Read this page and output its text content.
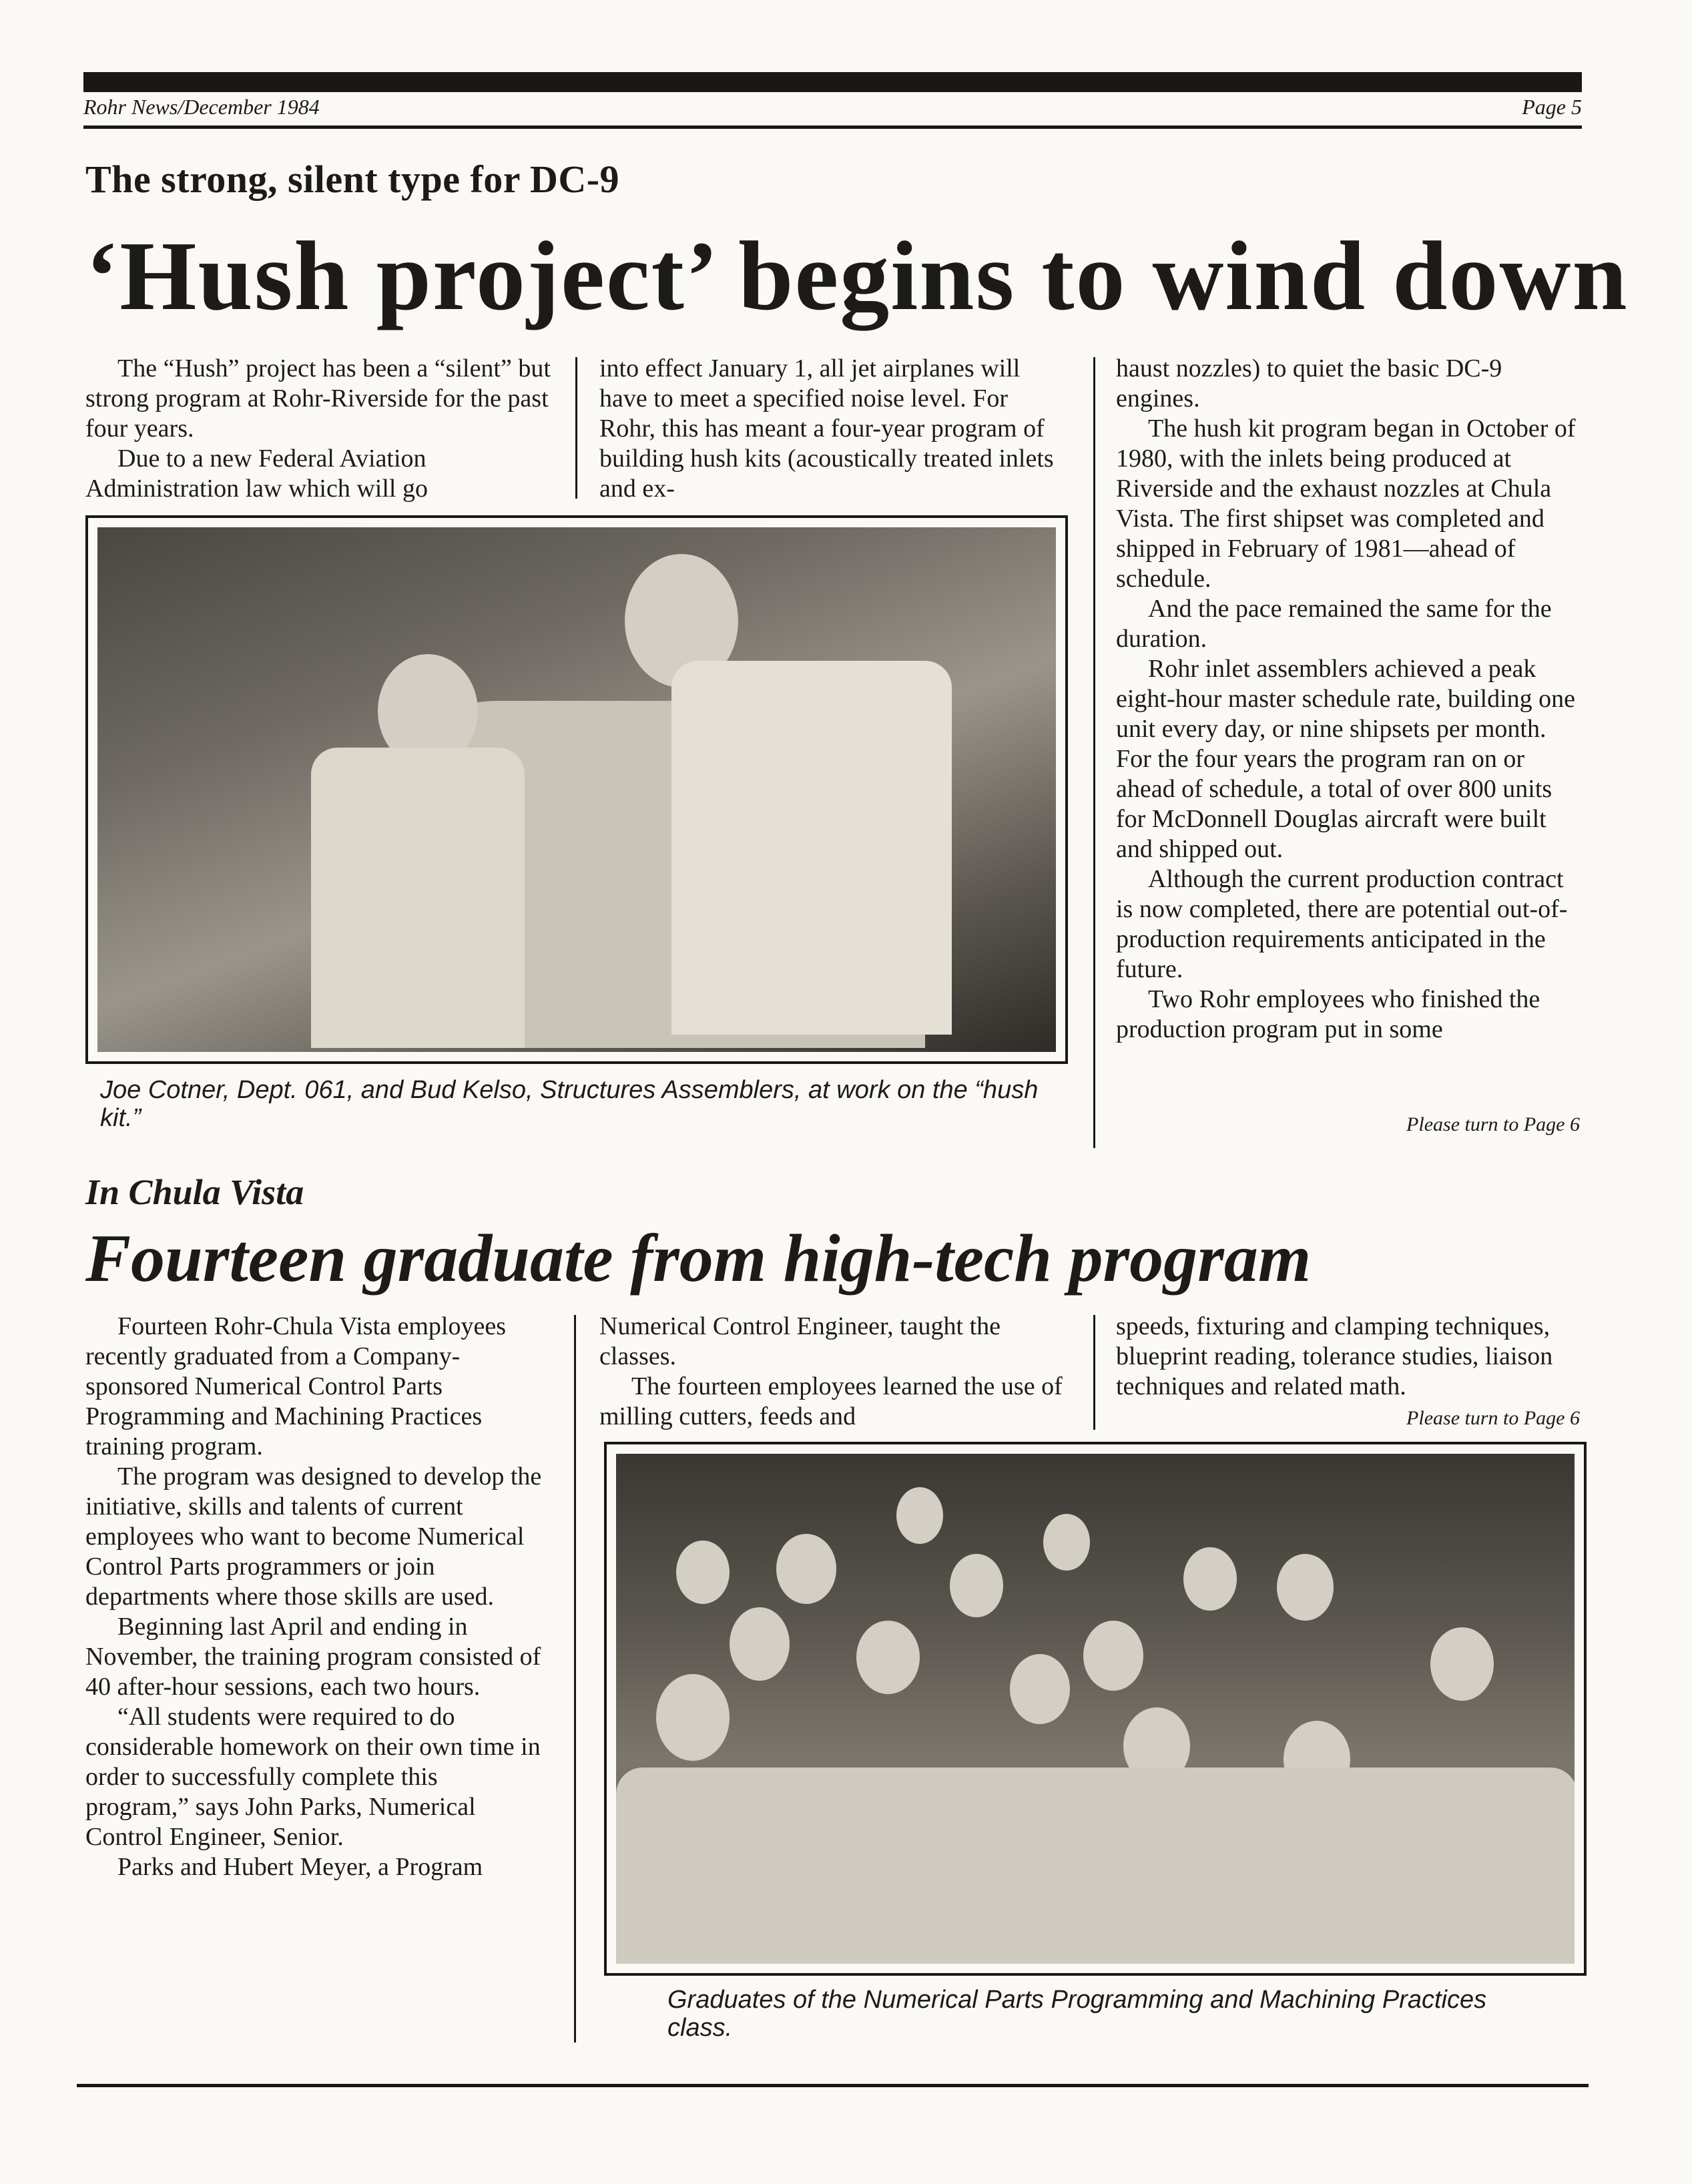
Rohr News/December 1984	Page 5
The strong, silent type for DC-9
‘Hush project’ begins to wind down

The “Hush” project has been a “silent” but strong program at Rohr-Riverside for the past four years.

Due to a new Federal Aviation Administration law which will go

into effect January 1, all jet airplanes will have to meet a specified noise level. For Rohr, this has meant a four-year program of building hush kits (acoustically treated inlets and ex-

haust nozzles) to quiet the basic DC-9 engines.

The hush kit program began in October of 1980, with the inlets being produced at Riverside and the exhaust nozzles at Chula Vista. The first shipset was completed and shipped in February of 1981—ahead of schedule.

And the pace remained the same for the duration.

Rohr inlet assemblers achieved a peak eight-hour master schedule rate, building one unit every day, or nine shipsets per month. For the four years the program ran on or ahead of schedule, a total of over 800 units for McDonnell Douglas aircraft were built and shipped out.

Although the current production contract is now completed, there are potential out-of-production requirements anticipated in the future.

Two Rohr employees who finished the production program put in some

Please turn to Page 6
Joe Cotner, Dept. 061, and Bud Kelso, Structures Assemblers, at work on the “hush kit.”
In Chula Vista
Fourteen graduate from high-tech program

Fourteen Rohr-Chula Vista employees recently graduated from a Company-sponsored Numerical Control Parts Programming and Machining Practices training program.

The program was designed to develop the initiative, skills and talents of current employees who want to become Numerical Control Parts programmers or join departments where those skills are used.

Beginning last April and ending in November, the training program consisted of 40 after-hour sessions, each two hours.

“All students were required to do considerable homework on their own time in order to successfully complete this program,” says John Parks, Numerical Control Engineer, Senior.

Parks and Hubert Meyer, a Program

Numerical Control Engineer, taught the classes.

The fourteen employees learned the use of milling cutters, feeds and

speeds, fixturing and clamping techniques, blueprint reading, tolerance studies, liaison techniques and related math.

Please turn to Page 6
Graduates of the Numerical Parts Programming and Machining Practices class.
